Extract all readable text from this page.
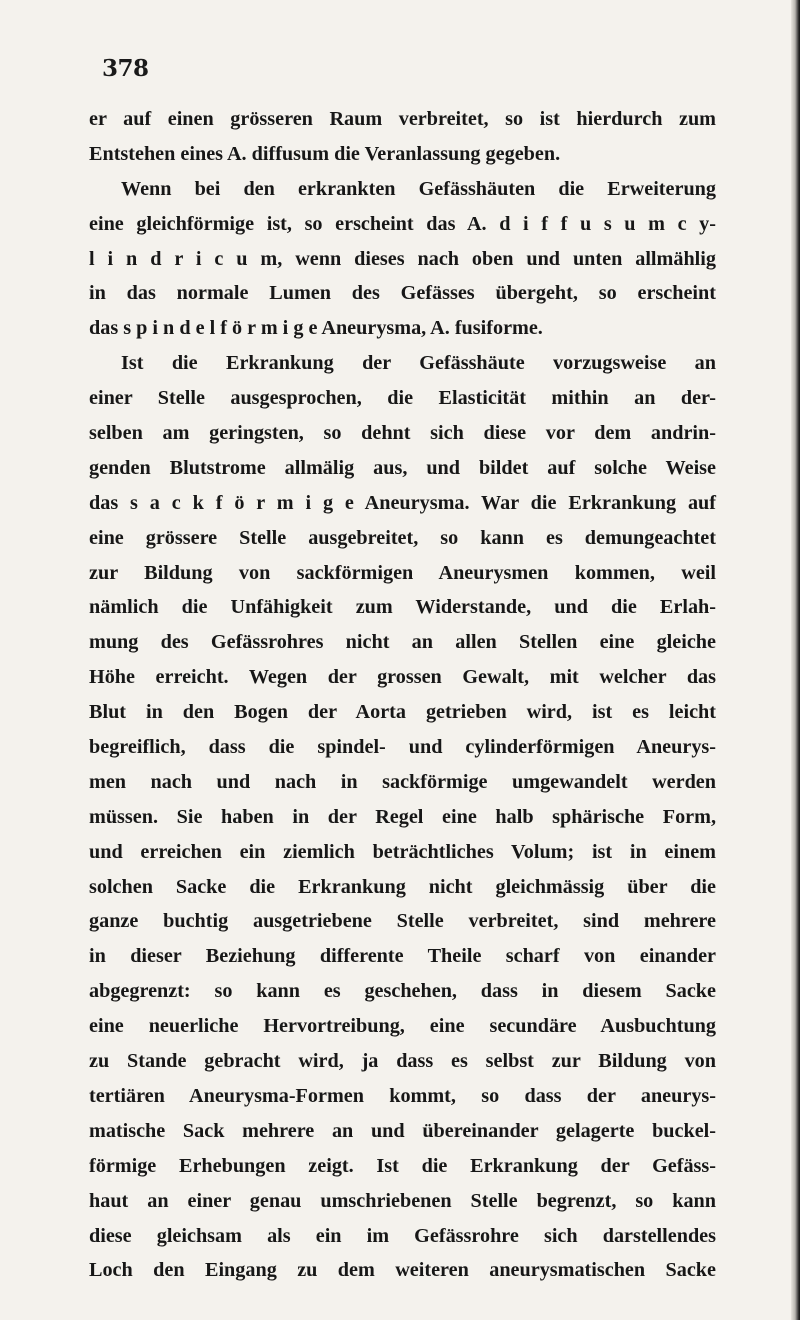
378

er auf einen grösseren Raum verbreitet, so ist hierdurch zum
Entstehen eines A. diffusum die Veranlassung gegeben.
Wenn bei den erkrankten Gefässhäuten die Erweiterung
eine gleichförmige ist, so erscheint das A. d i f f u s u m c y-
l i n d r i c u m, wenn dieses nach oben und unten allmählig
in das normale Lumen des Gefässes übergeht, so erscheint
das s p i n d e l f ö r m i g e Aneurysma, A. fusiforme.
Ist die Erkrankung der Gefässhäute vorzugsweise an
einer Stelle ausgesprochen, die Elasticität mithin an der-
selben am geringsten, so dehnt sich diese vor dem andrin-
genden Blutstrome allmälig aus, und bildet auf solche Weise
das s a c k f ö r m i g e Aneurysma. War die Erkrankung auf
eine grössere Stelle ausgebreitet, so kann es demungeachtet
zur Bildung von sackförmigen Aneurysmen kommen, weil
nämlich die Unfähigkeit zum Widerstande, und die Erlah-
mung des Gefässrohres nicht an allen Stellen eine gleiche
Höhe erreicht. Wegen der grossen Gewalt, mit welcher das
Blut in den Bogen der Aorta getrieben wird, ist es leicht
begreiflich, dass die spindel- und cylinderförmigen Aneurys-
men nach und nach in sackförmige umgewandelt werden
müssen. Sie haben in der Regel eine halb sphärische Form,
und erreichen ein ziemlich beträchtliches Volum; ist in einem
solchen Sacke die Erkrankung nicht gleichmässig über die
ganze buchtig ausgetriebene Stelle verbreitet, sind mehrere
in dieser Beziehung differente Theile scharf von einander
abgegrenzt: so kann es geschehen, dass in diesem Sacke
eine neuerliche Hervortreibung, eine secundäre Ausbuchtung
zu Stande gebracht wird, ja dass es selbst zur Bildung von
tertiären Aneurysma-Formen kommt, so dass der aneurys-
matische Sack mehrere an und übereinander gelagerte buckel-
förmige Erhebungen zeigt. Ist die Erkrankung der Gefäss-
haut an einer genau umschriebenen Stelle begrenzt, so kann
diese gleichsam als ein im Gefässrohre sich darstellendes
Loch den Eingang zu dem weiteren aneurysmatischen Sacke
